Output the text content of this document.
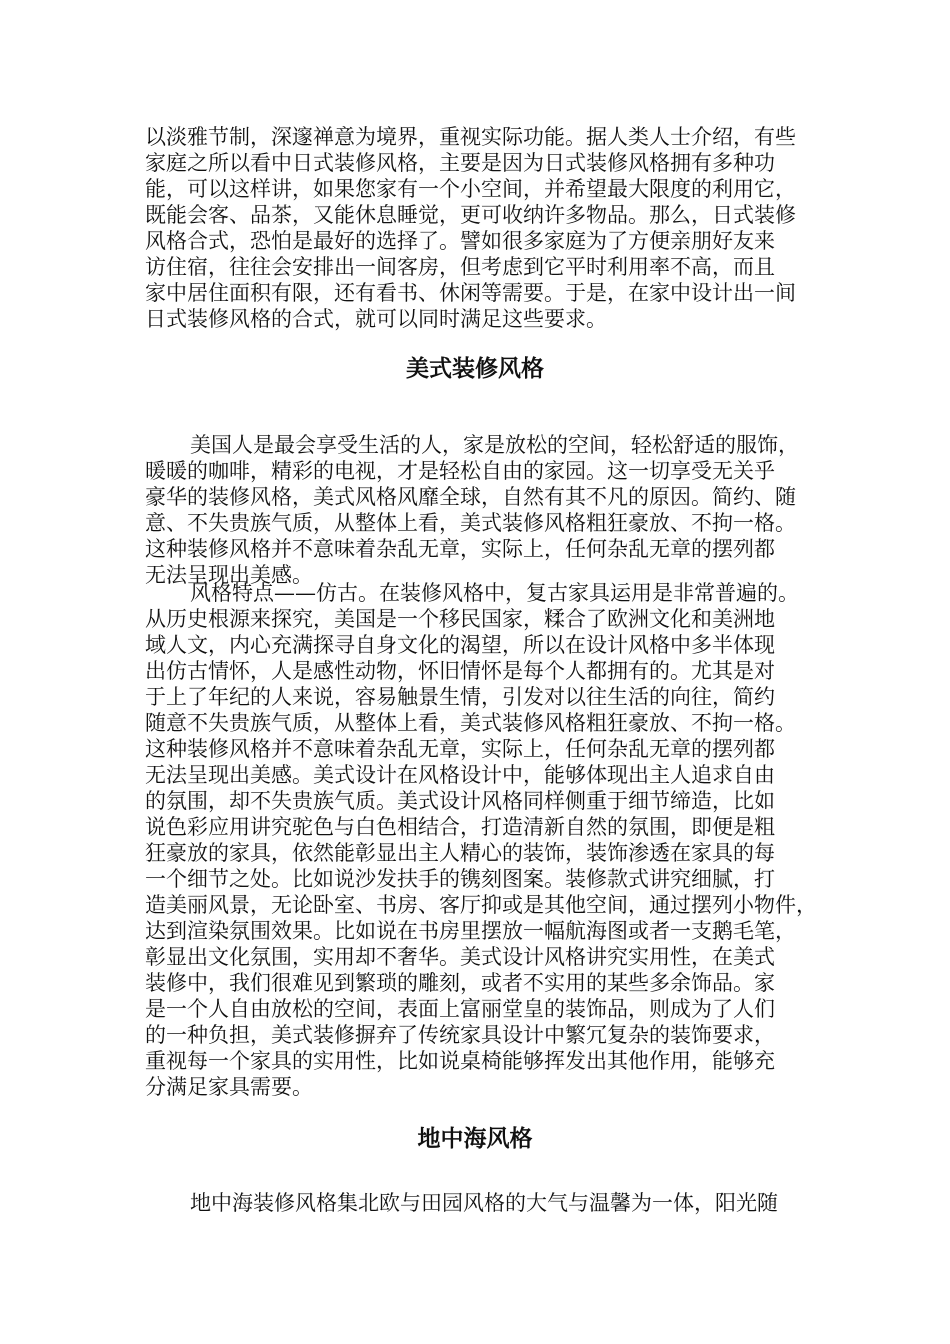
以淡雅节制，深邃禅意为境界，重视实际功能。据人类人士介绍，有些
家庭之所以看中日式装修风格，主要是因为日式装修风格拥有多种功
能，可以这样讲，如果您家有一个小空间，并希望最大限度的利用它，
既能会客、品茶，又能休息睡觉，更可收纳许多物品。那么，日式装修
风格合式，恐怕是最好的选择了。譬如很多家庭为了方便亲朋好友来
访住宿，往往会安排出一间客房，但考虑到它平时利用率不高，而且
家中居住面积有限，还有看书、休闲等需要。于是，在家中设计出一间
日式装修风格的合式，就可以同时满足这些要求。
美式装修风格
美国人是最会享受生活的人，家是放松的空间，轻松舒适的服饰，
暖暖的咖啡，精彩的电视，才是轻松自由的家园。这一切享受无关乎
豪华的装修风格，美式风格风靡全球，自然有其不凡的原因。简约、随
意、不失贵族气质，从整体上看，美式装修风格粗狂豪放、不拘一格。
这种装修风格并不意味着杂乱无章，实际上，任何杂乱无章的摆列都
无法呈现出美感。
风格特点——仿古。在装修风格中，复古家具运用是非常普遍的。
从历史根源来探究，美国是一个移民国家，糅合了欧洲文化和美洲地
域人文，内心充满探寻自身文化的渴望，所以在设计风格中多半体现
出仿古情怀，人是感性动物，怀旧情怀是每个人都拥有的。尤其是对
于上了年纪的人来说，容易触景生情，引发对以往生活的向往，简约
随意不失贵族气质，从整体上看，美式装修风格粗狂豪放、不拘一格。
这种装修风格并不意味着杂乱无章，实际上，任何杂乱无章的摆列都
无法呈现出美感。美式设计在风格设计中，能够体现出主人追求自由
的氛围，却不失贵族气质。美式设计风格同样侧重于细节缔造，比如
说色彩应用讲究驼色与白色相结合，打造清新自然的氛围，即便是粗
狂豪放的家具，依然能彰显出主人精心的装饰，装饰渗透在家具的每
一个细节之处。比如说沙发扶手的镌刻图案。装修款式讲究细腻，打
造美丽风景，无论卧室、书房、客厅抑或是其他空间，通过摆列小物件，
达到渲染氛围效果。比如说在书房里摆放一幅航海图或者一支鹅毛笔，
彰显出文化氛围，实用却不奢华。美式设计风格讲究实用性，在美式
装修中，我们很难见到繁琐的雕刻，或者不实用的某些多余饰品。家
是一个人自由放松的空间，表面上富丽堂皇的装饰品，则成为了人们
的一种负担，美式装修摒弃了传统家具设计中繁冗复杂的装饰要求，
重视每一个家具的实用性，比如说桌椅能够挥发出其他作用，能够充
分满足家具需要。
地中海风格
地中海装修风格集北欧与田园风格的大气与温馨为一体，阳光随
